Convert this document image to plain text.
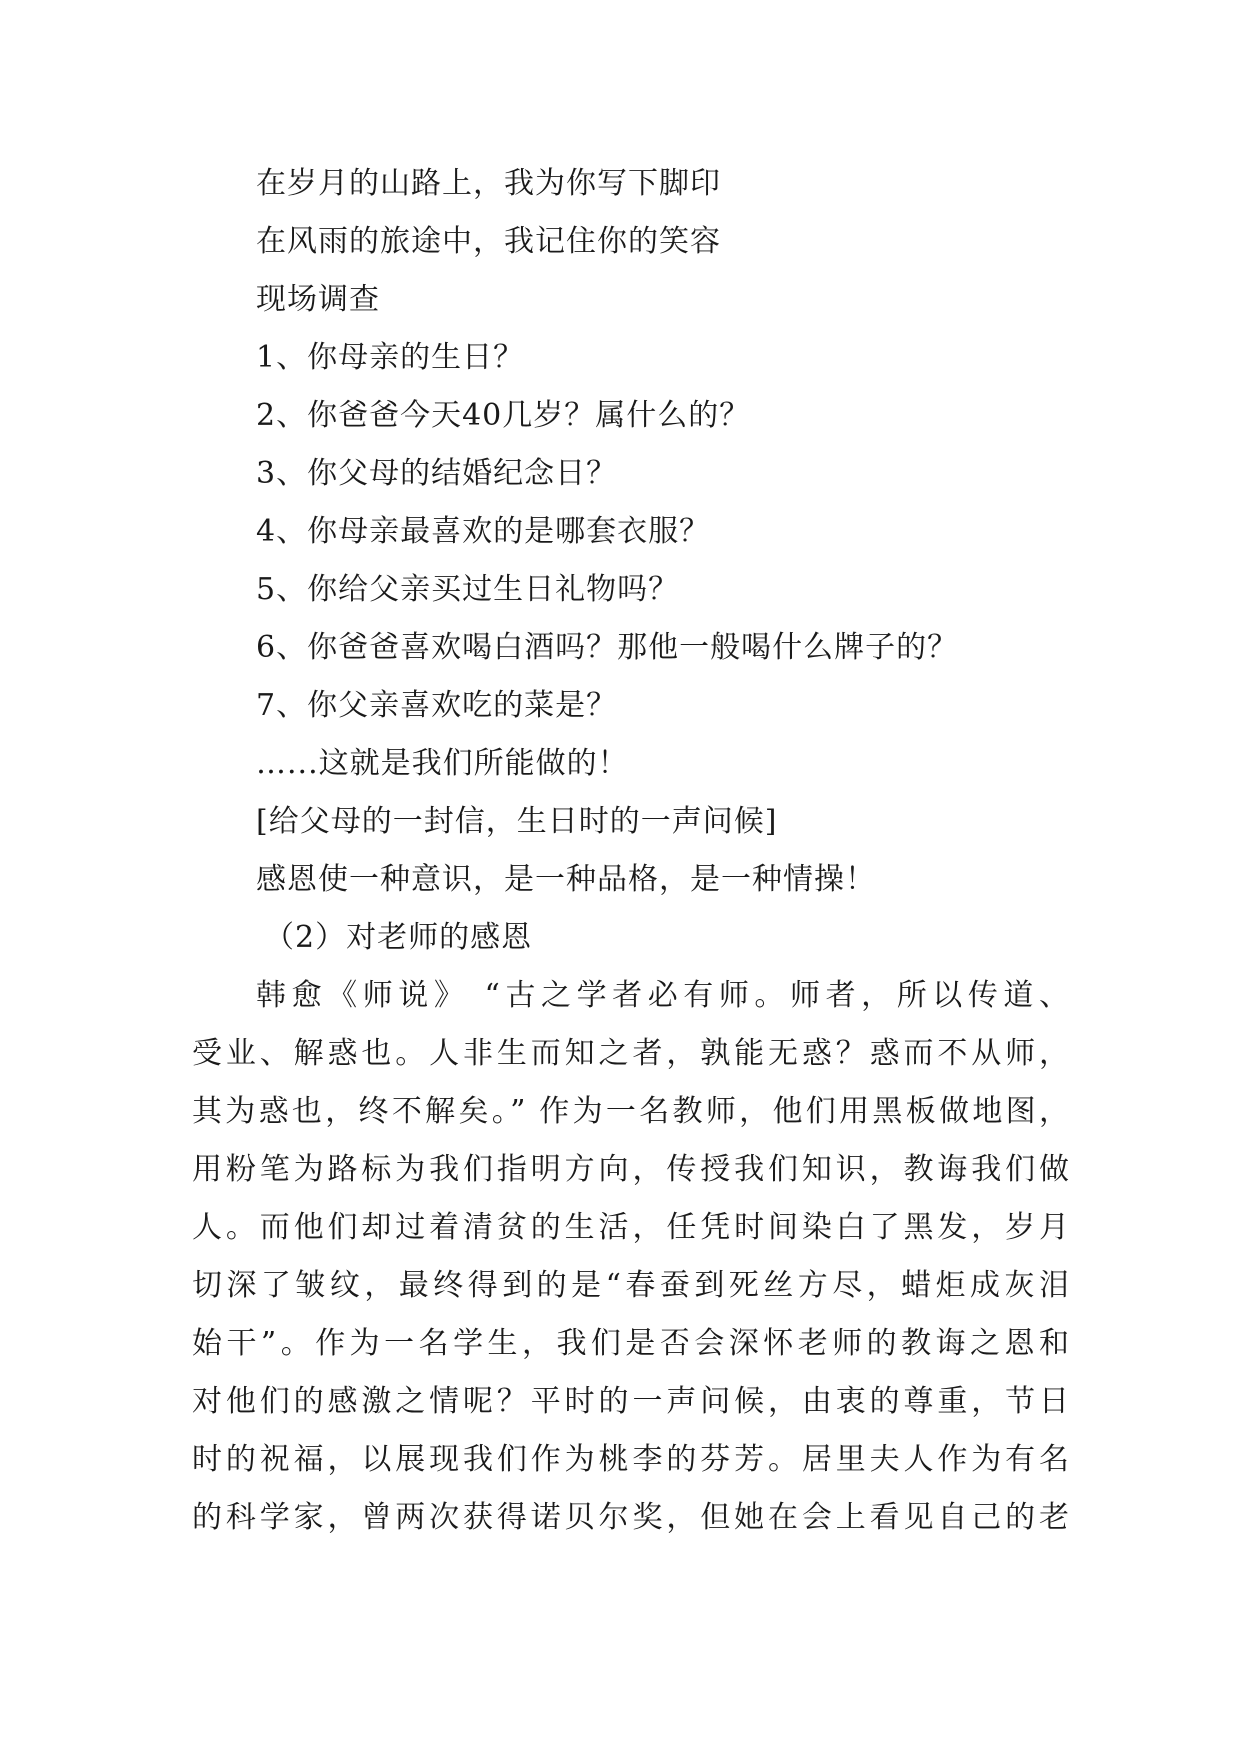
在岁月的山路上，我为你写下脚印
在风雨的旅途中，我记住你的笑容
现场调查
1、你母亲的生日？
2、你爸爸今天40几岁？属什么的？
3、你父母的结婚纪念日？
4、你母亲最喜欢的是哪套衣服？
5、你给父亲买过生日礼物吗？
6、你爸爸喜欢喝白酒吗？那他一般喝什么牌子的？
7、你父亲喜欢吃的菜是？
…...这就是我们所能做的！
[给父母的一封信，生日时的一声问候]
感恩使一种意识，是一种品格，是一种情操！
（2）对老师的感恩
韩愈《师说》 “古之学者必有师。师者，所以传道、
受业、解惑也。人非生而知之者，孰能无惑？惑而不从师，
其为惑也，终不解矣。” 作为一名教师，他们用黑板做地图，
用粉笔为路标为我们指明方向，传授我们知识，教诲我们做
人。而他们却过着清贫的生活，任凭时间染白了黑发，岁月
切深了皱纹，最终得到的是“春蚕到死丝方尽，蜡炬成灰泪
始干”。作为一名学生，我们是否会深怀老师的教诲之恩和
对他们的感激之情呢？平时的一声问候，由衷的尊重，节日
时的祝福，以展现我们作为桃李的芬芳。居里夫人作为有名
的科学家，曾两次获得诺贝尔奖，但她在会上看见自己的老
